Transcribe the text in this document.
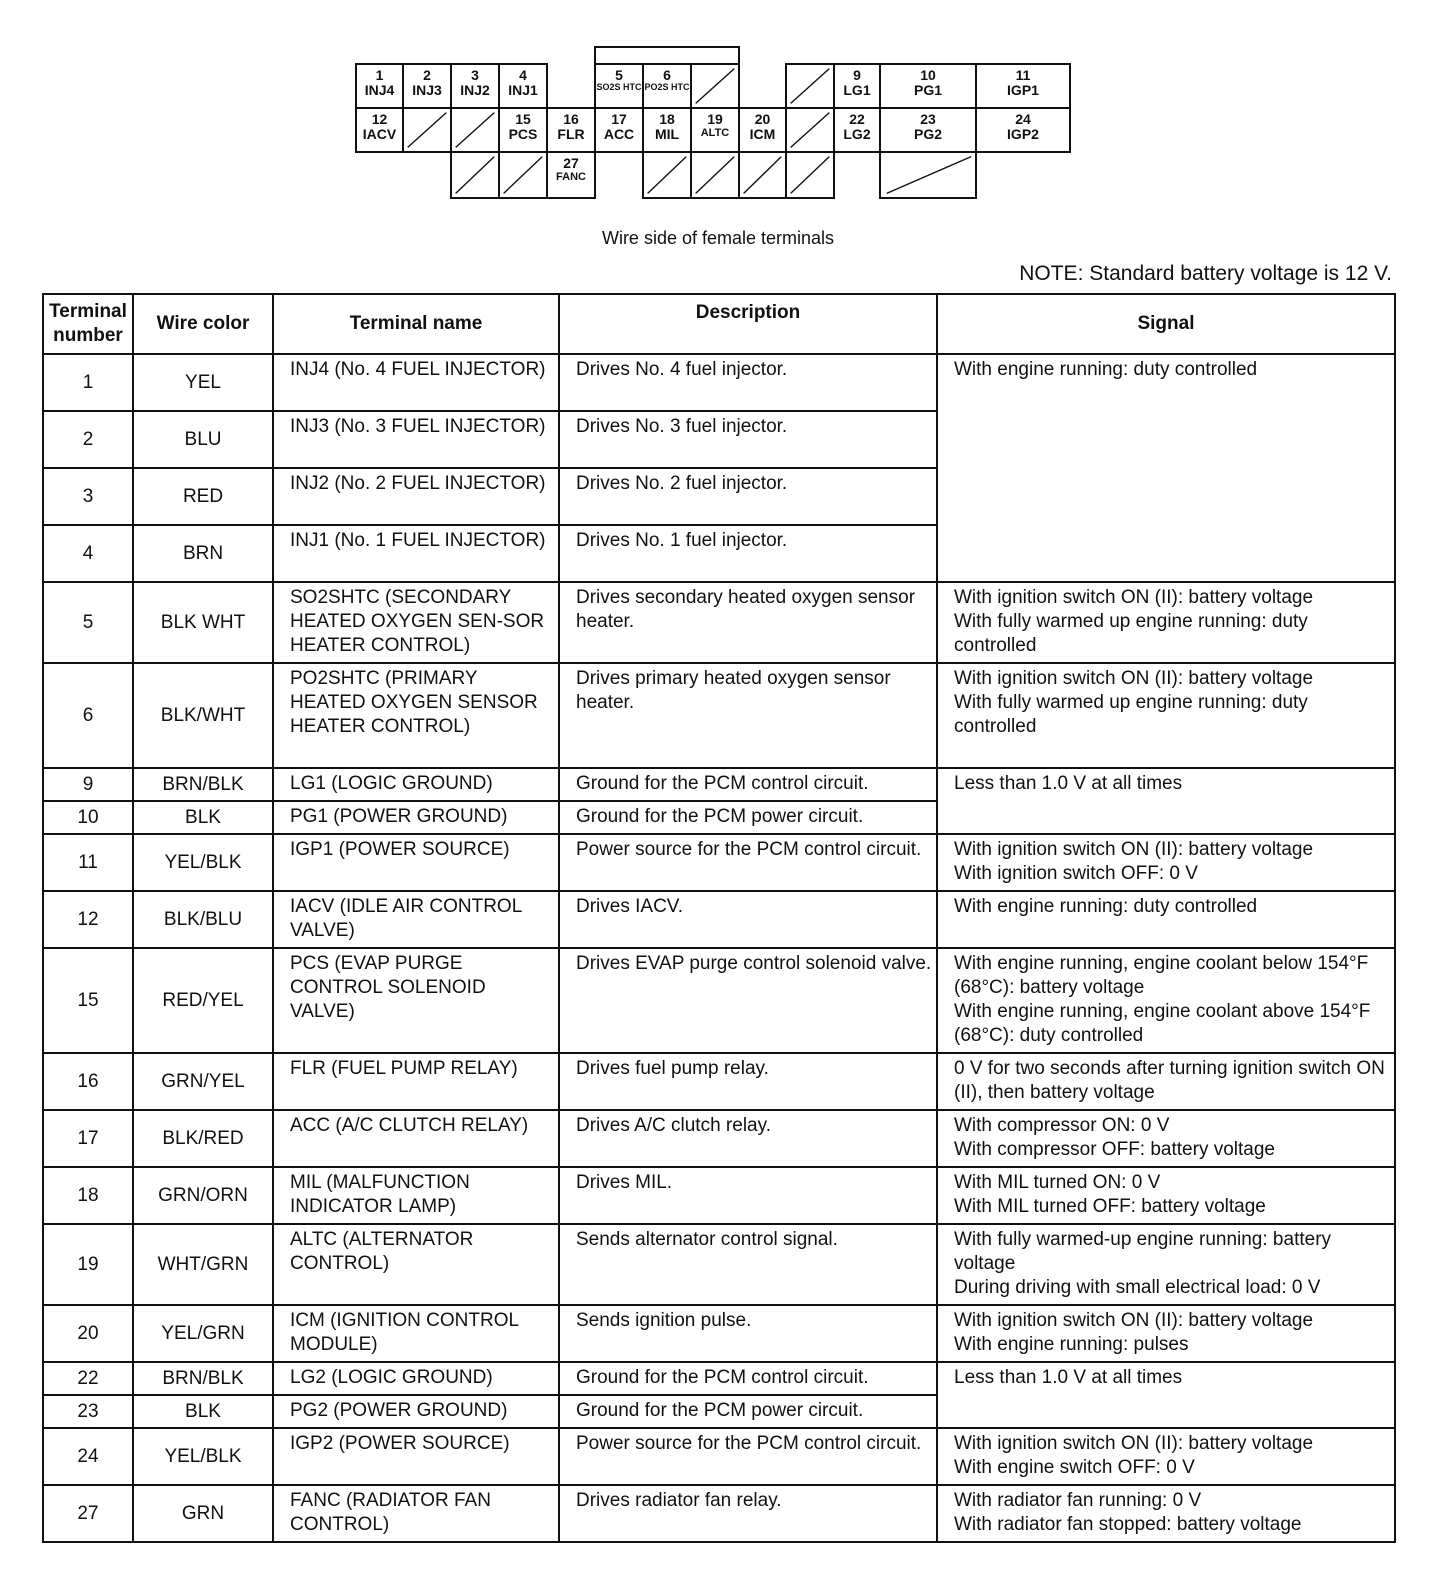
1
INJ4
2
INJ3
3
INJ2
4
INJ1
5
SO2S HTC
6
PO2S HTC
9
LG1
10
PG1
11
IGP1
12
IACV
15
PCS
16
FLR
17
ACC
18
MIL
19
ALTC
20
ICM
22
LG2
23
PG2
24
IGP2
27
FANC
Wire side of female terminals
NOTE: Standard battery voltage is 12 V.
Terminal number	Wire color	Terminal name	Description	Signal
1	YEL	INJ4 (No. 4 FUEL INJECTOR)	Drives No. 4 fuel injector.	With engine running: duty controlled
2	BLU	INJ3 (No. 3 FUEL INJECTOR)	Drives No. 3 fuel injector.	
3	RED	INJ2 (No. 2 FUEL INJECTOR)	Drives No. 2 fuel injector.	
4	BRN	INJ1 (No. 1 FUEL INJECTOR)	Drives No. 1 fuel injector.	
5	BLK WHT	SO2SHTC (SECONDARY HEATED OXYGEN SEN-SOR HEATER CONTROL)	Drives secondary heated oxygen sensor heater.	With ignition switch ON (II): battery voltage
With fully warmed up engine running: duty controlled

6	BLK/WHT	PO2SHTC (PRIMARY HEATED OXYGEN SENSOR HEATER CONTROL)	Drives primary heated oxygen sensor heater.	With ignition switch ON (II): battery voltage
With fully warmed up engine running: duty controlled

9	BRN/BLK	LG1 (LOGIC GROUND)	Ground for the PCM control circuit.	Less than 1.0 V at all times
10	BLK	PG1 (POWER GROUND)	Ground for the PCM power circuit.	
11	YEL/BLK	IGP1 (POWER SOURCE)	Power source for the PCM control circuit.	With ignition switch ON (II): battery voltage
With ignition switch OFF: 0 V

12	BLK/BLU	IACV (IDLE AIR CONTROL VALVE)	Drives IACV.	With engine running: duty controlled
15	RED/YEL	PCS (EVAP PURGE CONTROL SOLENOID VALVE)	Drives EVAP purge control solenoid valve.	With engine running, engine coolant below 154°F (68°C): battery voltage
With engine running, engine coolant above 154°F (68°C): duty controlled

16	GRN/YEL	FLR (FUEL PUMP RELAY)	Drives fuel pump relay.	0 V for two seconds after turning ignition switch ON (II), then battery voltage
17	BLK/RED	ACC (A/C CLUTCH RELAY)	Drives A/C clutch relay.	With compressor ON: 0 V
With compressor OFF: battery voltage

18	GRN/ORN	MIL (MALFUNCTION INDICATOR LAMP)	Drives MIL.	With MIL turned ON: 0 V
With MIL turned OFF: battery voltage

19	WHT/GRN	ALTC (ALTERNATOR CONTROL)	Sends alternator control signal.	With fully warmed-up engine running: battery voltage
During driving with small electrical load: 0 V

20	YEL/GRN	ICM (IGNITION CONTROL MODULE)	Sends ignition pulse.	With ignition switch ON (II): battery voltage
With engine running: pulses

22	BRN/BLK	LG2 (LOGIC GROUND)	Ground for the PCM control circuit.	Less than 1.0 V at all times
23	BLK	PG2 (POWER GROUND)	Ground for the PCM power circuit.	
24	YEL/BLK	IGP2 (POWER SOURCE)	Power source for the PCM control circuit.	With ignition switch ON (II): battery voltage
With engine switch OFF: 0 V

27	GRN	FANC (RADIATOR FAN CONTROL)	Drives radiator fan relay.	With radiator fan running: 0 V
With radiator fan stopped: battery voltage
